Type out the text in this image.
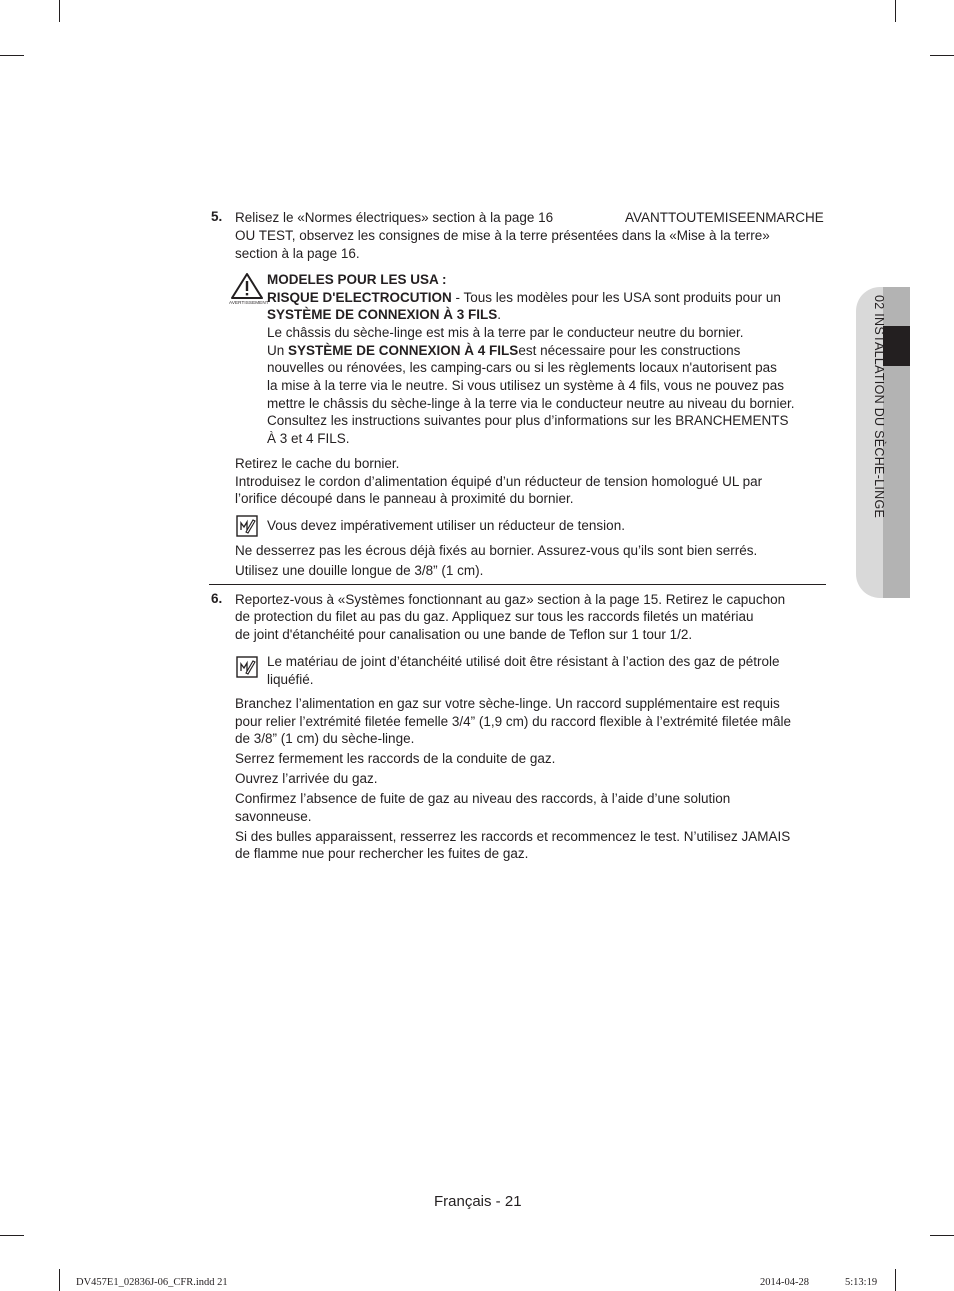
02 INSTALLATION DU SÈCHE-LINGE
5. Relisez le «Normes électriques» section à la page 16	AVANTTOUTEMISEENMARCHE
OU TEST, observez les consignes de mise à la terre présentées dans la «Mise à la terre»
section à la page 16.
AVERTISSEMENT
MODELES POUR LES USA :
RISQUE D'ELECTROCUTION - Tous les modèles pour les USA sont produits pour un
SYSTÈME DE CONNEXION À 3 FILS.
Le châssis du sèche-linge est mis à la terre par le conducteur neutre du bornier.
Un SYSTÈME DE CONNEXION À 4 FILSest nécessaire pour les constructions
nouvelles ou rénovées, les camping-cars ou si les règlements locaux n'autorisent pas
la mise à la terre via le neutre. Si vous utilisez un système à 4 fils, vous ne pouvez pas
mettre le châssis du sèche-linge à la terre via le conducteur neutre au niveau du bornier.
Consultez les instructions suivantes pour plus d’informations sur les BRANCHEMENTS
À 3 et 4 FILS.
Retirez le cache du bornier.
Introduisez le cordon d’alimentation équipé d’un réducteur de tension homologué UL par
l’orifice découpé dans le panneau à proximité du bornier.
Vous devez impérativement utiliser un réducteur de tension.
Ne desserrez pas les écrous déjà fixés au bornier. Assurez-vous qu’ils sont bien serrés.
Utilisez une douille longue de 3/8” (1 cm).
6. Reportez-vous à «Systèmes fonctionnant au gaz» section à la page 15. Retirez le capuchon
de protection du filet au pas du gaz. Appliquez sur tous les raccords filetés un matériau
de joint d'étanchéité pour canalisation ou une bande de Teflon sur 1 tour 1/2.
Le matériau de joint d’étanchéité utilisé doit être résistant à l’action des gaz de pétrole
liquéfié.
Branchez l’alimentation en gaz sur votre sèche-linge. Un raccord supplémentaire est requis
pour relier l’extrémité filetée femelle 3/4” (1,9 cm) du raccord flexible à l’extrémité filetée mâle
de 3/8” (1 cm) du sèche-linge.
Serrez fermement les raccords de la conduite de gaz.
Ouvrez l’arrivée du gaz.
Confirmez l’absence de fuite de gaz au niveau des raccords, à l’aide d’une solution
savonneuse.
Si des bulles apparaissent, resserrez les raccords et recommencez le test. N’utilisez JAMAIS
de flamme nue pour rechercher les fuites de gaz.
Français - 21
DV457E1_02836J-06_CFR.indd 21	2014-04-28	5:13:19
